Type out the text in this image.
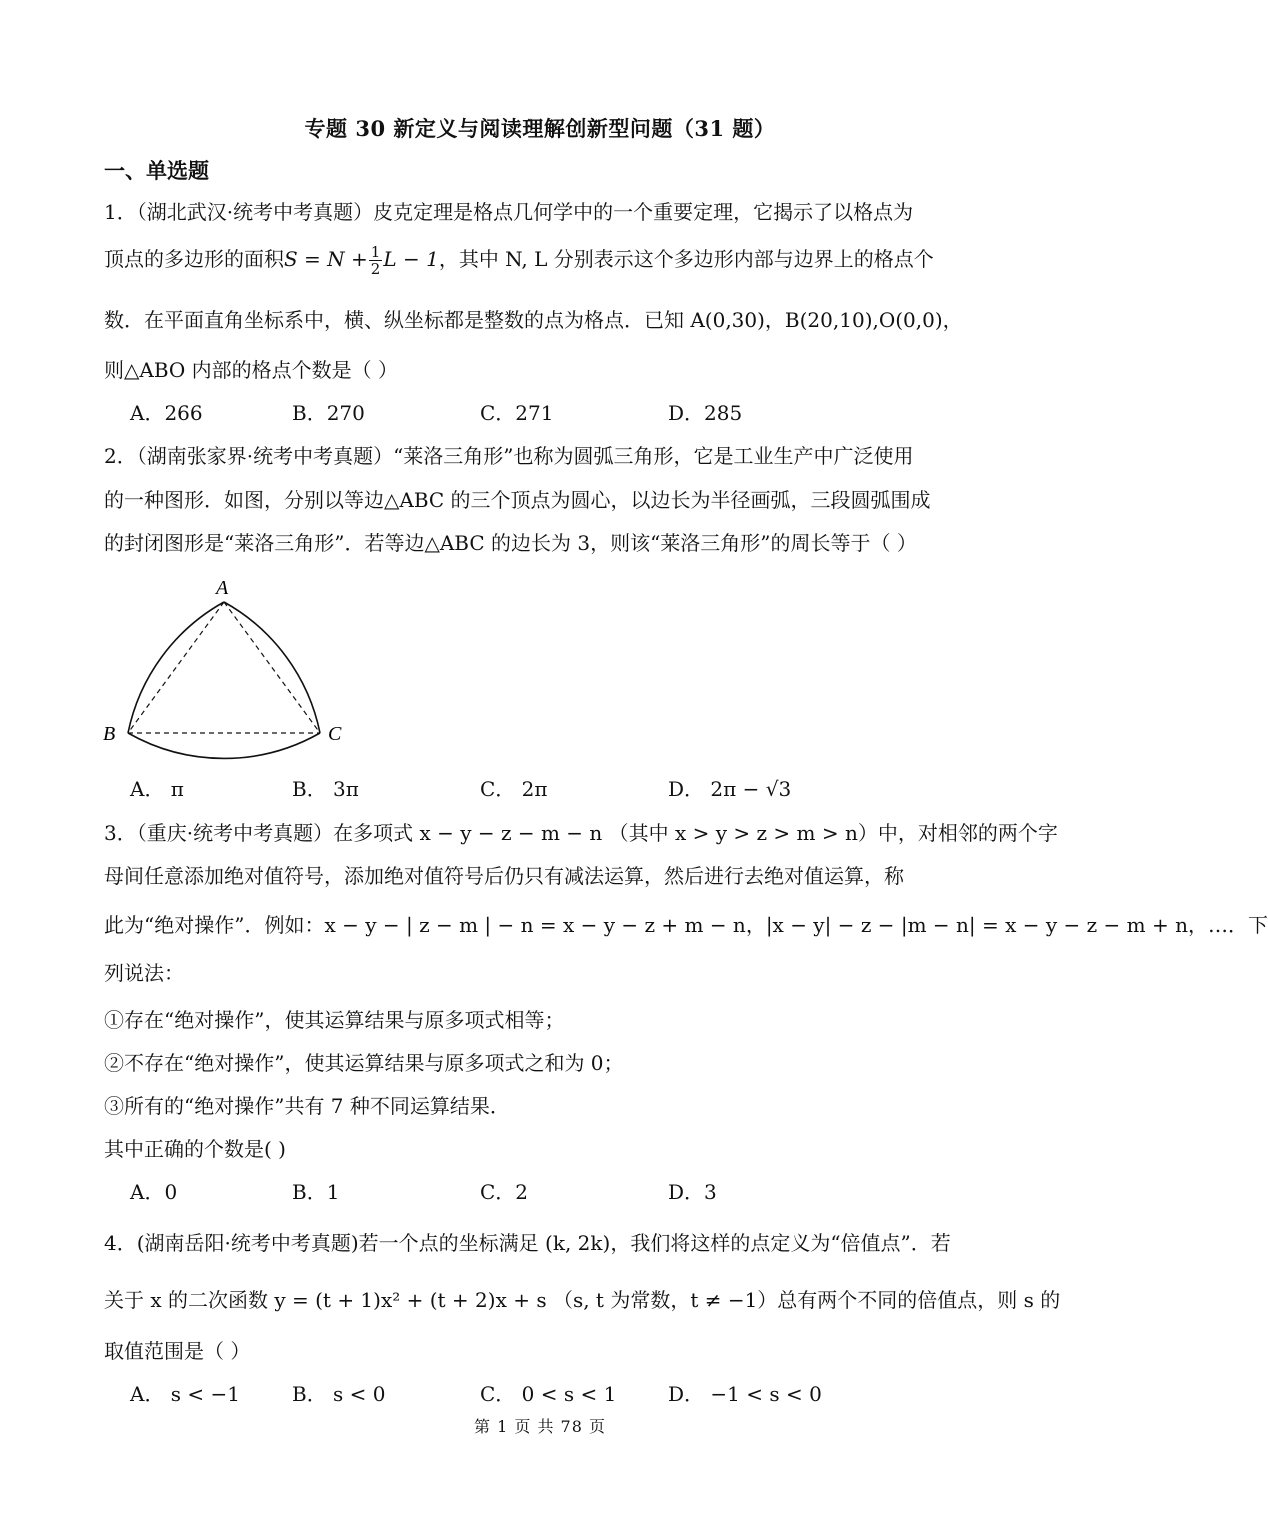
专题 30 新定义与阅读理解创新型问题（31 题）
一、单选题
1．（湖北武汉·统考中考真题）皮克定理是格点几何学中的一个重要定理，它揭示了以格点为
顶点的多边形的面积$S = N + \frac{1}{2}$ L − 1，其中 N, L 分别表示这个多边形内部与边界上的格点个
数．在平面直角坐标系中，横、纵坐标都是整数的点为格点．已知 A(0,30)，B(20,10),O(0,0)，
则△ABO 内部的格点个数是（ ）
A．266	B．270	C．271	D．285
2．（湖南张家界·统考中考真题）“莱洛三角形”也称为圆弧三角形，它是工业生产中广泛使用
的一种图形．如图，分别以等边△ABC 的三个顶点为圆心，以边长为半径画弧，三段圆弧围成
的封闭图形是“莱洛三角形”．若等边△ABC 的边长为 3，则该“莱洛三角形”的周长等于（ ）
A
B	C
A． π	B． 3π	C． 2π	D． 2π − √3
3．（重庆·统考中考真题）在多项式 x − y − z − m − n （其中 x > y > z > m > n）中，对相邻的两个字
母间任意添加绝对值符号，添加绝对值符号后仍只有减法运算，然后进行去绝对值运算，称
此为“绝对操作”．例如：x − y − | z − m | − n = x − y − z + m − n，|x − y| − z − |m − n| = x − y − z − m + n，…．下
列说法：
①存在“绝对操作”，使其运算结果与原多项式相等；
②不存在“绝对操作”，使其运算结果与原多项式之和为 0；
③所有的“绝对操作”共有 7 种不同运算结果．
其中正确的个数是( )
A．0	B．1	C．2	D．3
4．(湖南岳阳·统考中考真题)若一个点的坐标满足 (k, 2k)，我们将这样的点定义为“倍值点”．若
关于 x 的二次函数 y = (t + 1)x² + (t + 2)x + s （s, t 为常数，t ≠ −1）总有两个不同的倍值点，则 s 的
取值范围是（ ）
A． s < −1	B． s < 0	C． 0 < s < 1	D． −1 < s < 0
第 1 页 共 78 页
